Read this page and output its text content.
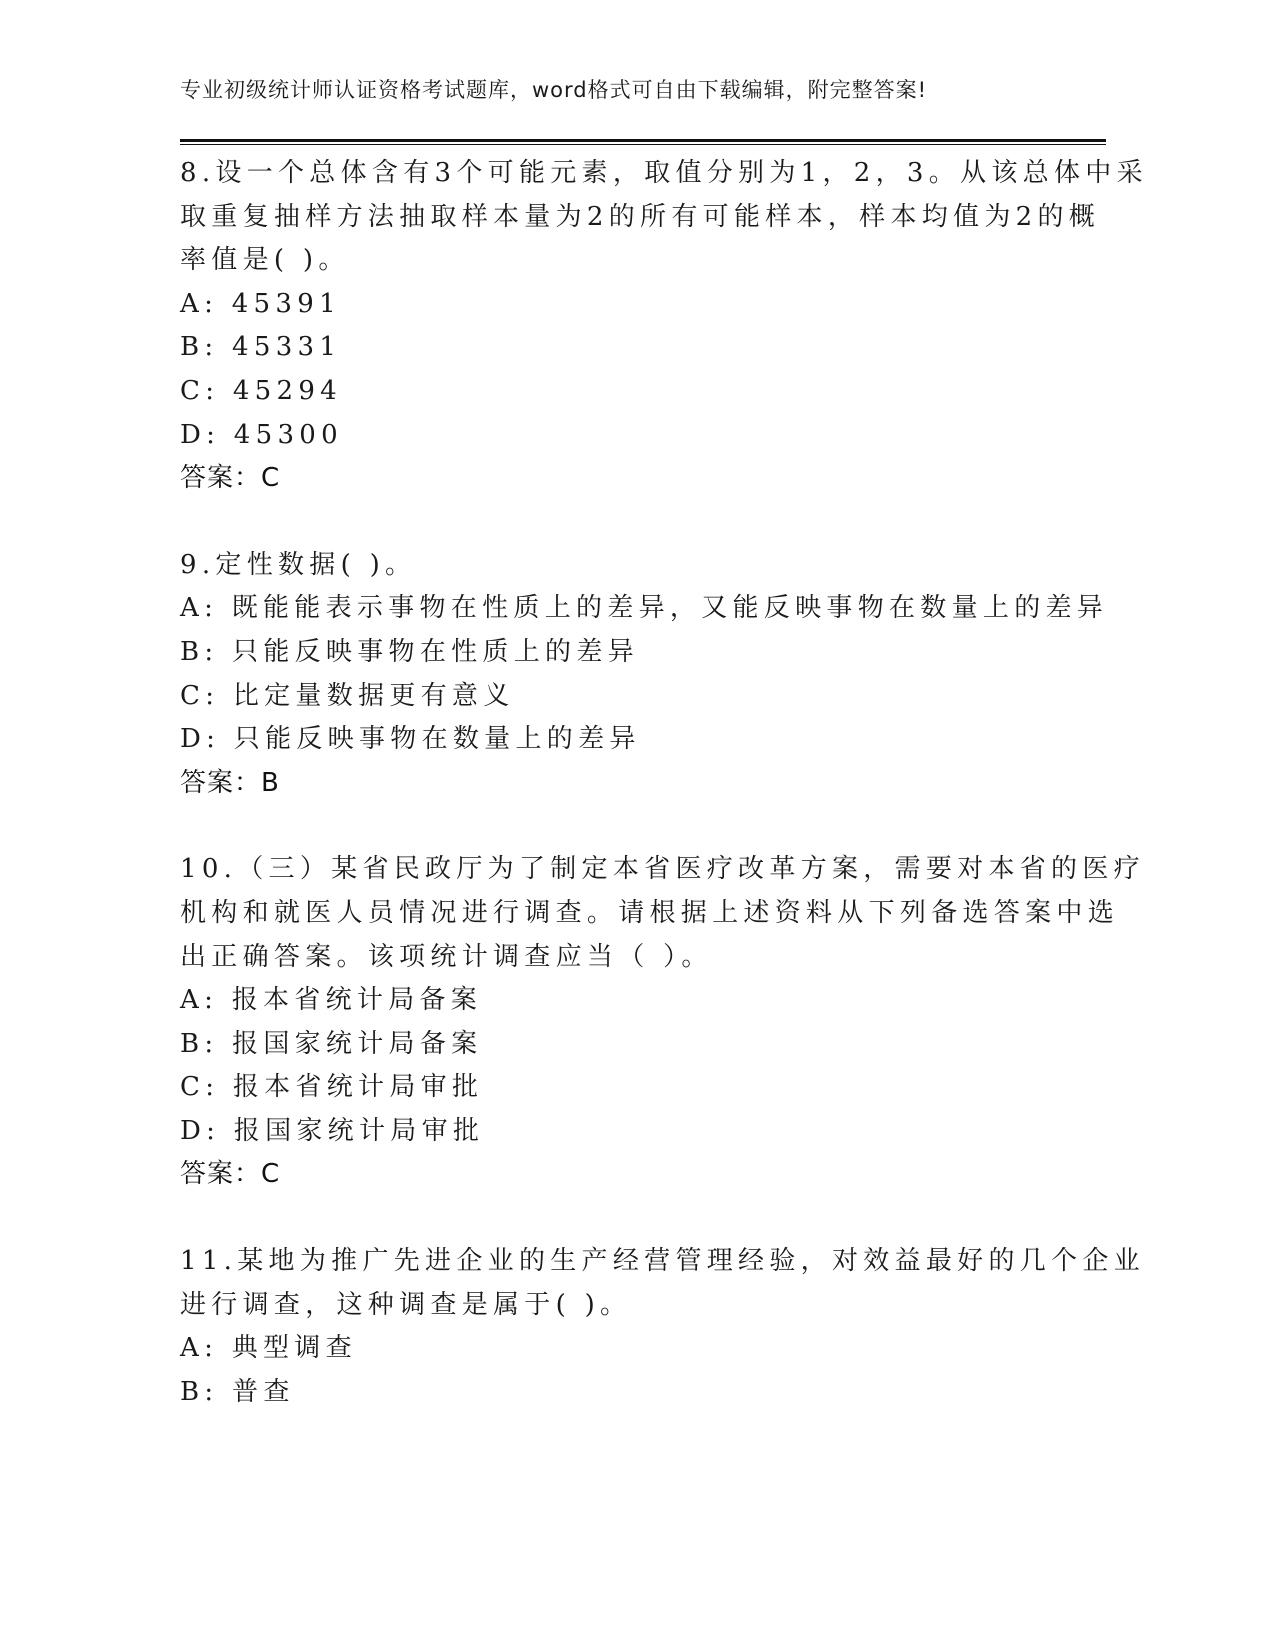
专业初级统计师认证资格考试题库，word格式可自由下载编辑，附完整答案!
8.设一个总体含有3个可能元素，取值分别为1，2，3。从该总体中采
取重复抽样方法抽取样本量为2的所有可能样本，样本均值为2的概
率值是( )。
A: 45391
B: 45331
C: 45294
D: 45300
答案：C
9.定性数据( )。
A: 既能能表示事物在性质上的差异，又能反映事物在数量上的差异
B: 只能反映事物在性质上的差异
C: 比定量数据更有意义
D: 只能反映事物在数量上的差异
答案：B
10.（三）某省民政厅为了制定本省医疗改革方案，需要对本省的医疗
机构和就医人员情况进行调查。请根据上述资料从下列备选答案中选
出正确答案。该项统计调查应当（ ）。
A: 报本省统计局备案
B: 报国家统计局备案
C: 报本省统计局审批
D: 报国家统计局审批
答案：C
11.某地为推广先进企业的生产经营管理经验，对效益最好的几个企业
进行调查，这种调查是属于( )。
A: 典型调查
B: 普查
